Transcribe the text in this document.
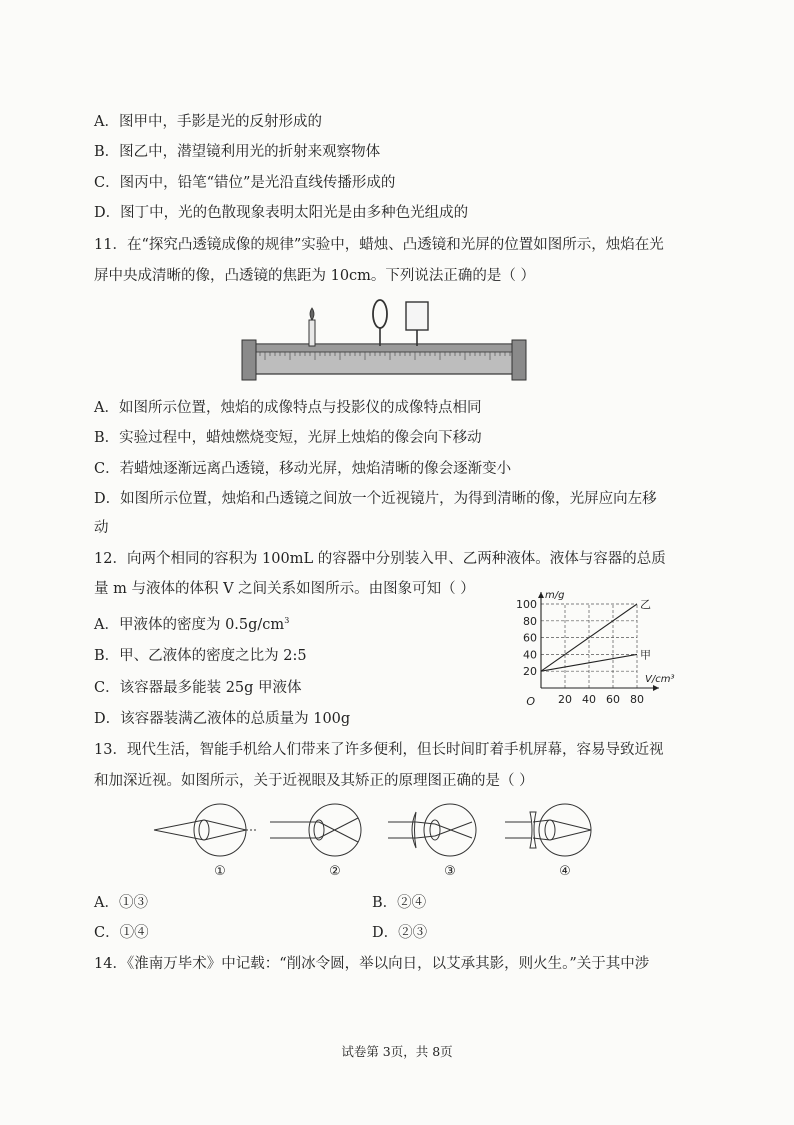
A．图甲中，手影是光的反射形成的
B．图乙中，潜望镜利用光的折射来观察物体
C．图丙中，铅笔“错位”是光沿直线传播形成的
D．图丁中，光的色散现象表明太阳光是由多种色光组成的
11．在“探究凸透镜成像的规律”实验中，蜡烛、凸透镜和光屏的位置如图所示，烛焰在光
屏中央成清晰的像，凸透镜的焦距为 10cm。下列说法正确的是（ ）
A．如图所示位置，烛焰的成像特点与投影仪的成像特点相同
B．实验过程中，蜡烛燃烧变短，光屏上烛焰的像会向下移动
C．若蜡烛逐渐远离凸透镜，移动光屏，烛焰清晰的像会逐渐变小
D．如图所示位置，烛焰和凸透镜之间放一个近视镜片，为得到清晰的像，光屏应向左移
动
12．向两个相同的容积为 100mL 的容器中分别装入甲、乙两种液体。液体与容器的总质
量 m 与液体的体积 V 之间关系如图所示。由图象可知（ ）
A．甲液体的密度为 $0.5g/cm^3$
B．甲、乙液体的密度之比为 2:5
C．该容器最多能装 25g 甲液体
D．该容器装满乙液体的总质量为 100g
20 40 60 80
20
40
60
80
100
O
m/g
V/cm³
乙
甲
13．现代生活，智能手机给人们带来了许多便利，但长时间盯着手机屏幕，容易导致近视
和加深近视。如图所示，关于近视眼及其矫正的原理图正确的是（ ）
①	②	③	④
A．①③	B．②④
C．①④	D．②③
14．《淮南万毕术》中记载：“削冰令圆，举以向日，以艾承其影，则火生。”关于其中涉
试卷第 3页，共 8页
